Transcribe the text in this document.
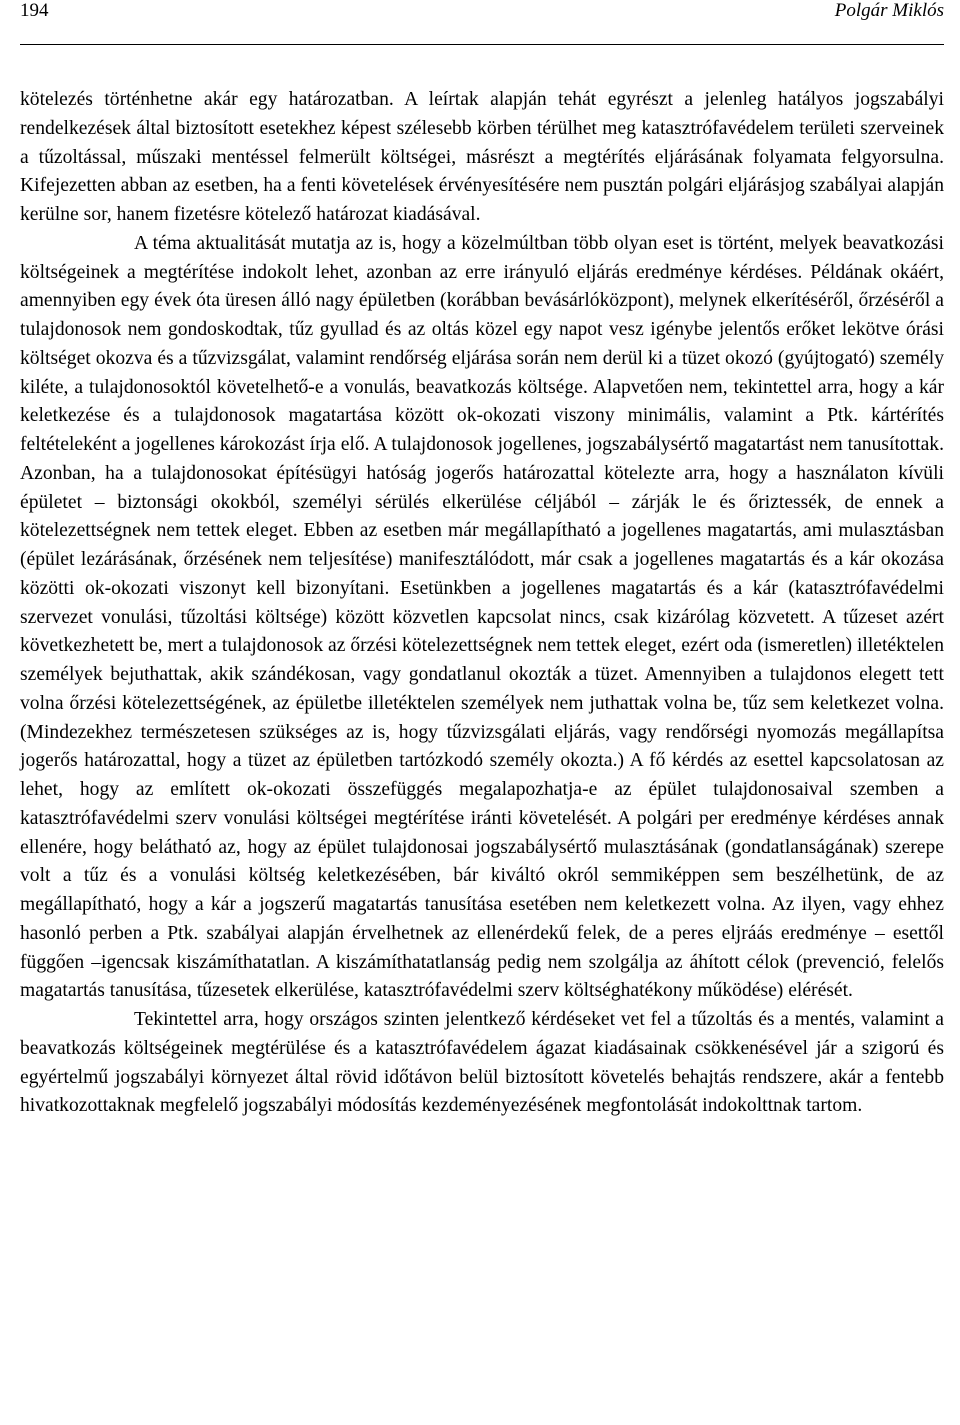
194	Polgár Miklós

kötelezés történhetne akár egy határozatban. A leírtak alapján tehát egyrészt a jelenleg hatályos jogszabályi rendelkezések által biztosított esetekhez képest szélesebb körben térülhet meg katasztrófavédelem területi szerveinek a tűzoltással, műszaki mentéssel felmerült költségei, másrészt a megtérítés eljárásának folyamata felgyorsulna. Kifejezetten abban az esetben, ha a fenti követelések érvényesítésére nem pusztán polgári eljárásjog szabályai alapján kerülne sor, hanem fizetésre kötelező határozat kiadásával.

A téma aktualitását mutatja az is, hogy a közelmúltban több olyan eset is történt, melyek beavatkozási költségeinek a megtérítése indokolt lehet, azonban az erre irányuló eljárás eredménye kérdéses. Példának okáért, amennyiben egy évek óta üresen álló nagy épületben (korábban bevásárlóközpont), melynek elkerítéséről, őrzéséről a tulajdonosok nem gondoskodtak, tűz gyullad és az oltás közel egy napot vesz igénybe jelentős erőket lekötve órási költséget okozva és a tűzvizsgálat, valamint rendőrség eljárása során nem derül ki a tüzet okozó (gyújtogató) személy kiléte, a tulajdonosoktól követelhető-e a vonulás, beavatkozás költsége. Alapvetően nem, tekintettel arra, hogy a kár keletkezése és a tulajdonosok magatartása között ok-okozati viszony minimális, valamint a Ptk. kártérítés feltételeként a jogellenes károkozást írja elő. A tulajdonosok jogellenes, jogszabálysértő magatartást nem tanusítottak. Azonban, ha a tulajdonosokat építésügyi hatóság jogerős határozattal kötelezte arra, hogy a használaton kívüli épületet – biztonsági okokból, személyi sérülés elkerülése céljából – zárják le és őriztessék, de ennek a kötelezettségnek nem tettek eleget. Ebben az esetben már megállapítható a jogellenes magatartás, ami mulasztásban (épület lezárásának, őrzésének nem teljesítése) manifesztálódott, már csak a jogellenes magatartás és a kár okozása közötti ok-okozati viszonyt kell bizonyítani. Esetünkben a jogellenes magatartás és a kár (katasztrófavédelmi szervezet vonulási, tűzoltási költsége) között közvetlen kapcsolat nincs, csak kizárólag közvetett. A tűzeset azért következhetett be, mert a tulajdonosok az őrzési kötelezettségnek nem tettek eleget, ezért oda (ismeretlen) illetéktelen személyek bejuthattak, akik szándékosan, vagy gondatlanul okozták a tüzet. Amennyiben a tulajdonos elegett tett volna őrzési kötelezettségének, az épületbe illetéktelen személyek nem juthattak volna be, tűz sem keletkezet volna. (Mindezekhez természetesen szükséges az is, hogy tűzvizsgálati eljárás, vagy rendőrségi nyomozás megállapítsa jogerős határozattal, hogy a tüzet az épületben tartózkodó személy okozta.) A fő kérdés az esettel kapcsolatosan az lehet, hogy az említett ok-okozati összefüggés megalapozhatja-e az épület tulajdonosaival szemben a katasztrófavédelmi szerv vonulási költségei megtérítése iránti követelését. A polgári per eredménye kérdéses annak ellenére, hogy belátható az, hogy az épület tulajdonosai jogszabálysértő mulasztásának (gondatlanságának) szerepe volt a tűz és a vonulási költség keletkezésében, bár kiváltó okról semmiképpen sem beszélhetünk, de az megállapítható, hogy a kár a jogszerű magatartás tanusítása esetében nem keletkezett volna. Az ilyen, vagy ehhez hasonló perben a Ptk. szabályai alapján érvelhetnek az ellenérdekű felek, de a peres eljráás eredménye – esettől függően –igencsak kiszámíthatatlan. A kiszámíthatatlanság pedig nem szolgálja az áhított célok (prevenció, felelős magatartás tanusítása, tűzesetek elkerülése, katasztrófavédelmi szerv költséghatékony működése) elérését.

Tekintettel arra, hogy országos szinten jelentkező kérdéseket vet fel a tűzoltás és a mentés, valamint a beavatkozás költségeinek megtérülése és a katasztrófavédelem ágazat kiadásainak csökkenésével jár a szigorú és egyértelmű jogszabályi környezet által rövid időtávon belül biztosított követelés behajtás rendszere, akár a fentebb hivatkozottaknak megfelelő jogszabályi módosítás kezdeményezésének megfontolását indokolttnak tartom.
